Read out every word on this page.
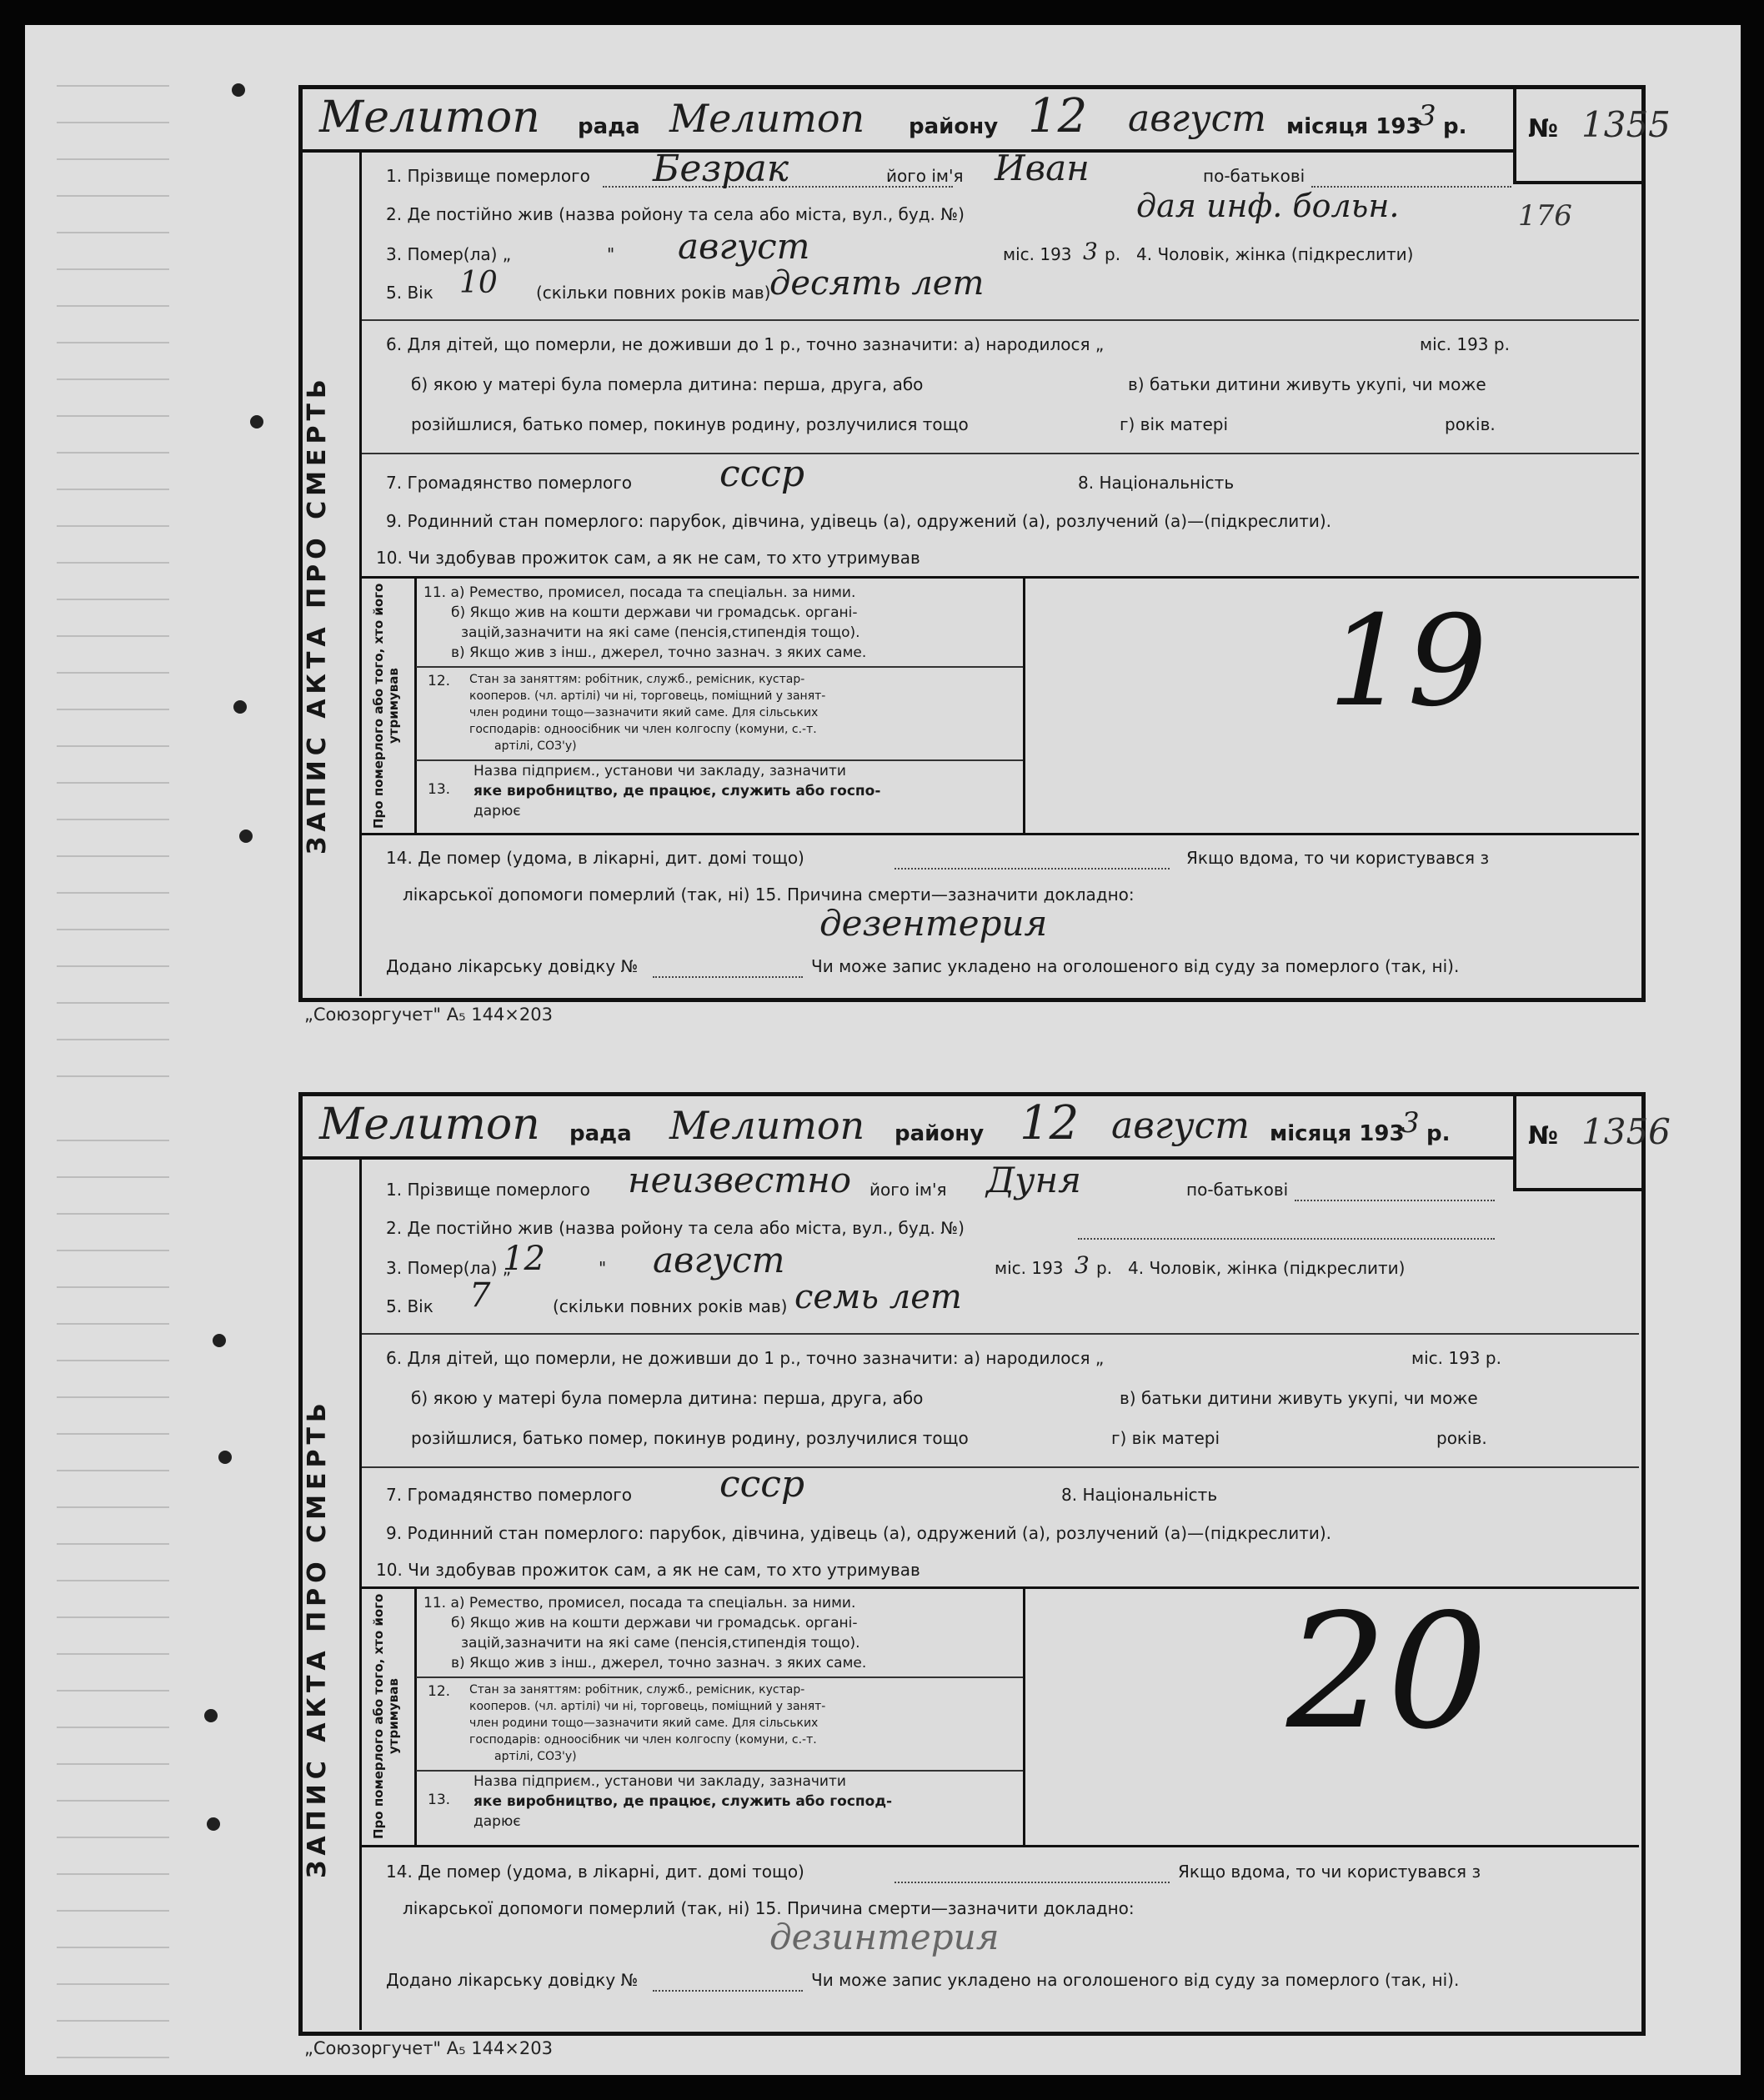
Мелитоп рада Мелитоп району 12 август місяця 193
3 р. № 1355
176
ЗАПИС АКТА ПРО СМЕРТЬ
1. Прізвище померлого Безрак	його ім'я Иван	по-батькові
2. Де постійно жив (назва ройону та села або міста, вул., буд. №)	дая инф. больн.
3. Помер(ла) „	" август	міс. 193 3 р. 4. Чоловік, жінка (підкреслити)
5. Вік 10 (скільки повних років мав)
десять лет
6. Для дітей, що померли, не доживши до 1 р., точно зазначити: а) народилося „	міс. 193 р.
б) якою у матері була померла дитина: перша, друга, або	в) батьки дитини живуть укупі, чи може
розійшлися, батько помер, покинув родину, розлучилися тощо	г) вік матері	років.
7. Громадянство померлого ссср	8. Національність
9. Родинний стан померлого: парубок, дівчина, удівець (а), одружений (а), розлучений (а)—(підкреслити).
10. Чи здобував прожиток сам, а як не сам, то хто утримував
Про померлого або того, хто його утримував
11. а) Ремество, промисел, посада та спеціальн. за ними.
б) Якщо жив на кошти держави чи громадськ. органі-
зацій,зазначити на які саме (пенсія,стипендія тощо).
в) Якщо жив з інш., джерел, точно зазнач. з яких саме.
12. Стан за заняттям: робітник, служб., ремісник, кустар-
кооперов. (чл. артілі) чи ні, торговець, поміщний у занят-
член родини тощо—зазначити який саме. Для сільських
господарів: одноосібник чи член колгоспу (комуни, с.-т.
артілі, СОЗ'у)
13.
Назва підприєм., установи чи закладу, зазначити
яке виробництво, де працює, служить або госпо-
дарює
19
14. Де помер (удома, в лікарні, дит. домі тощо)	Якщо вдома, то чи користувався з
лікарської допомоги померлий (так, ні) 15. Причина смерти—зазначити докладно:
дезентерия
Додано лікарську довідку №	Чи може запис укладено на оголошеного від суду за померлого (так, ні).
„Союзоргучет" А₅ 144×203
Мелитоп рада Мелитоп району 12 август місяця 193
3 р.	№ 1356
ЗАПИС АКТА ПРО СМЕРТЬ
1. Прізвище померлого неизвестно його ім'я Дуня	по-батькові
2. Де постійно жив (назва ройону та села або міста, вул., буд. №)
3. Помер(ла) „
12	" август	міс. 193 3 р. 4. Чоловік, жінка (підкреслити)
5. Вік 7	(скільки повних років мав) семь лет
6. Для дітей, що померли, не доживши до 1 р., точно зазначити: а) народилося „	міс. 193 р.
б) якою у матері була померла дитина: перша, друга, або	в) батьки дитини живуть укупі, чи може
розійшлися, батько помер, покинув родину, розлучилися тощо	г) вік матері	років.
7. Громадянство померлого ссср	8. Національність
9. Родинний стан померлого: парубок, дівчина, удівець (а), одружений (а), розлучений (а)—(підкреслити).
10. Чи здобував прожиток сам, а як не сам, то хто утримував
Про померлого або того, хто його утримував
11. а) Ремество, промисел, посада та спеціальн. за ними.
б) Якщо жив на кошти держави чи громадськ. органі-
зацій,зазначити на які саме (пенсія,стипендія тощо).
в) Якщо жив з інш., джерел, точно зазнач. з яких саме.
12. Стан за заняттям: робітник, служб., ремісник, кустар-
кооперов. (чл. артілі) чи ні, торговець, поміщний у занят-
член родини тощо—зазначити який саме. Для сільських
господарів: одноосібник чи член колгоспу (комуни, с.-т.
артілі, СОЗ'у)
13.
Назва підприєм., установи чи закладу, зазначити
яке виробництво, де працює, служить або господ-
дарює
20
14. Де помер (удома, в лікарні, дит. домі тощо)	Якщо вдома, то чи користувався з
лікарської допомоги померлий (так, ні) 15. Причина смерти—зазначити докладно:
дезинтерия
Додано лікарську довідку №	Чи може запис укладено на оголошеного від суду за померлого (так, ні).
„Союзоргучет" А₅ 144×203
